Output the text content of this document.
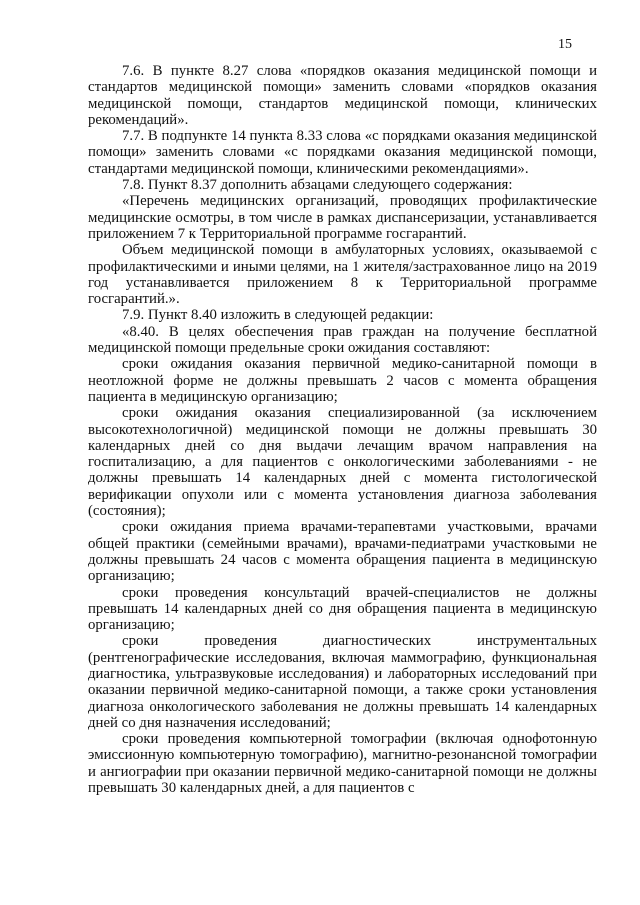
15

7.6. В пункте 8.27 слова «порядков оказания медицинской помощи и стандартов медицинской помощи» заменить словами «порядков оказания медицинской помощи, стандартов медицинской помощи, клинических рекомендаций».

7.7. В подпункте 14 пункта 8.33 слова «с порядками оказания медицинской помощи» заменить словами «с порядками оказания медицинской помощи, стандартами медицинской помощи, клиническими рекомендациями».

7.8. Пункт 8.37 дополнить абзацами следующего содержания:

«Перечень медицинских организаций, проводящих профилактические медицинские осмотры, в том числе в рамках диспансеризации, устанавливается приложением 7 к Территориальной программе госгарантий.

Объем медицинской помощи в амбулаторных условиях, оказываемой с профилактическими и иными целями, на 1 жителя/застрахованное лицо на 2019 год устанавливается приложением 8 к Территориальной программе госгарантий.».

7.9. Пункт 8.40 изложить в следующей редакции:

«8.40. В целях обеспечения прав граждан на получение бесплатной медицинской помощи предельные сроки ожидания составляют:

сроки ожидания оказания первичной медико-санитарной помощи в неотложной форме не должны превышать 2 часов с момента обращения пациента в медицинскую организацию;

сроки ожидания оказания специализированной (за исключением высокотехнологичной) медицинской помощи не должны превышать 30 календарных дней со дня выдачи лечащим врачом направления на госпитализацию, а для пациентов с онкологическими заболеваниями - не должны превышать 14 календарных дней с момента гистологической верификации опухоли или с момента установления диагноза заболевания (состояния);

сроки ожидания приема врачами-терапевтами участковыми, врачами общей практики (семейными врачами), врачами-педиатрами участковыми не должны превышать 24 часов с момента обращения пациента в медицинскую организацию;

сроки проведения консультаций врачей-специалистов не должны превышать 14 календарных дней со дня обращения пациента в медицинскую организацию;

сроки проведения диагностических инструментальных (рентгенографические исследования, включая маммографию, функциональная диагностика, ультразвуковые исследования) и лабораторных исследований при оказании первичной медико-санитарной помощи, а также сроки установления диагноза онкологического заболевания не должны превышать 14 календарных дней со дня назначения исследований;

сроки проведения компьютерной томографии (включая однофотонную эмиссионную компьютерную томографию), магнитно-резонансной томографии и ангиографии при оказании первичной медико-санитарной помощи не должны превышать 30 календарных дней, а для пациентов с
